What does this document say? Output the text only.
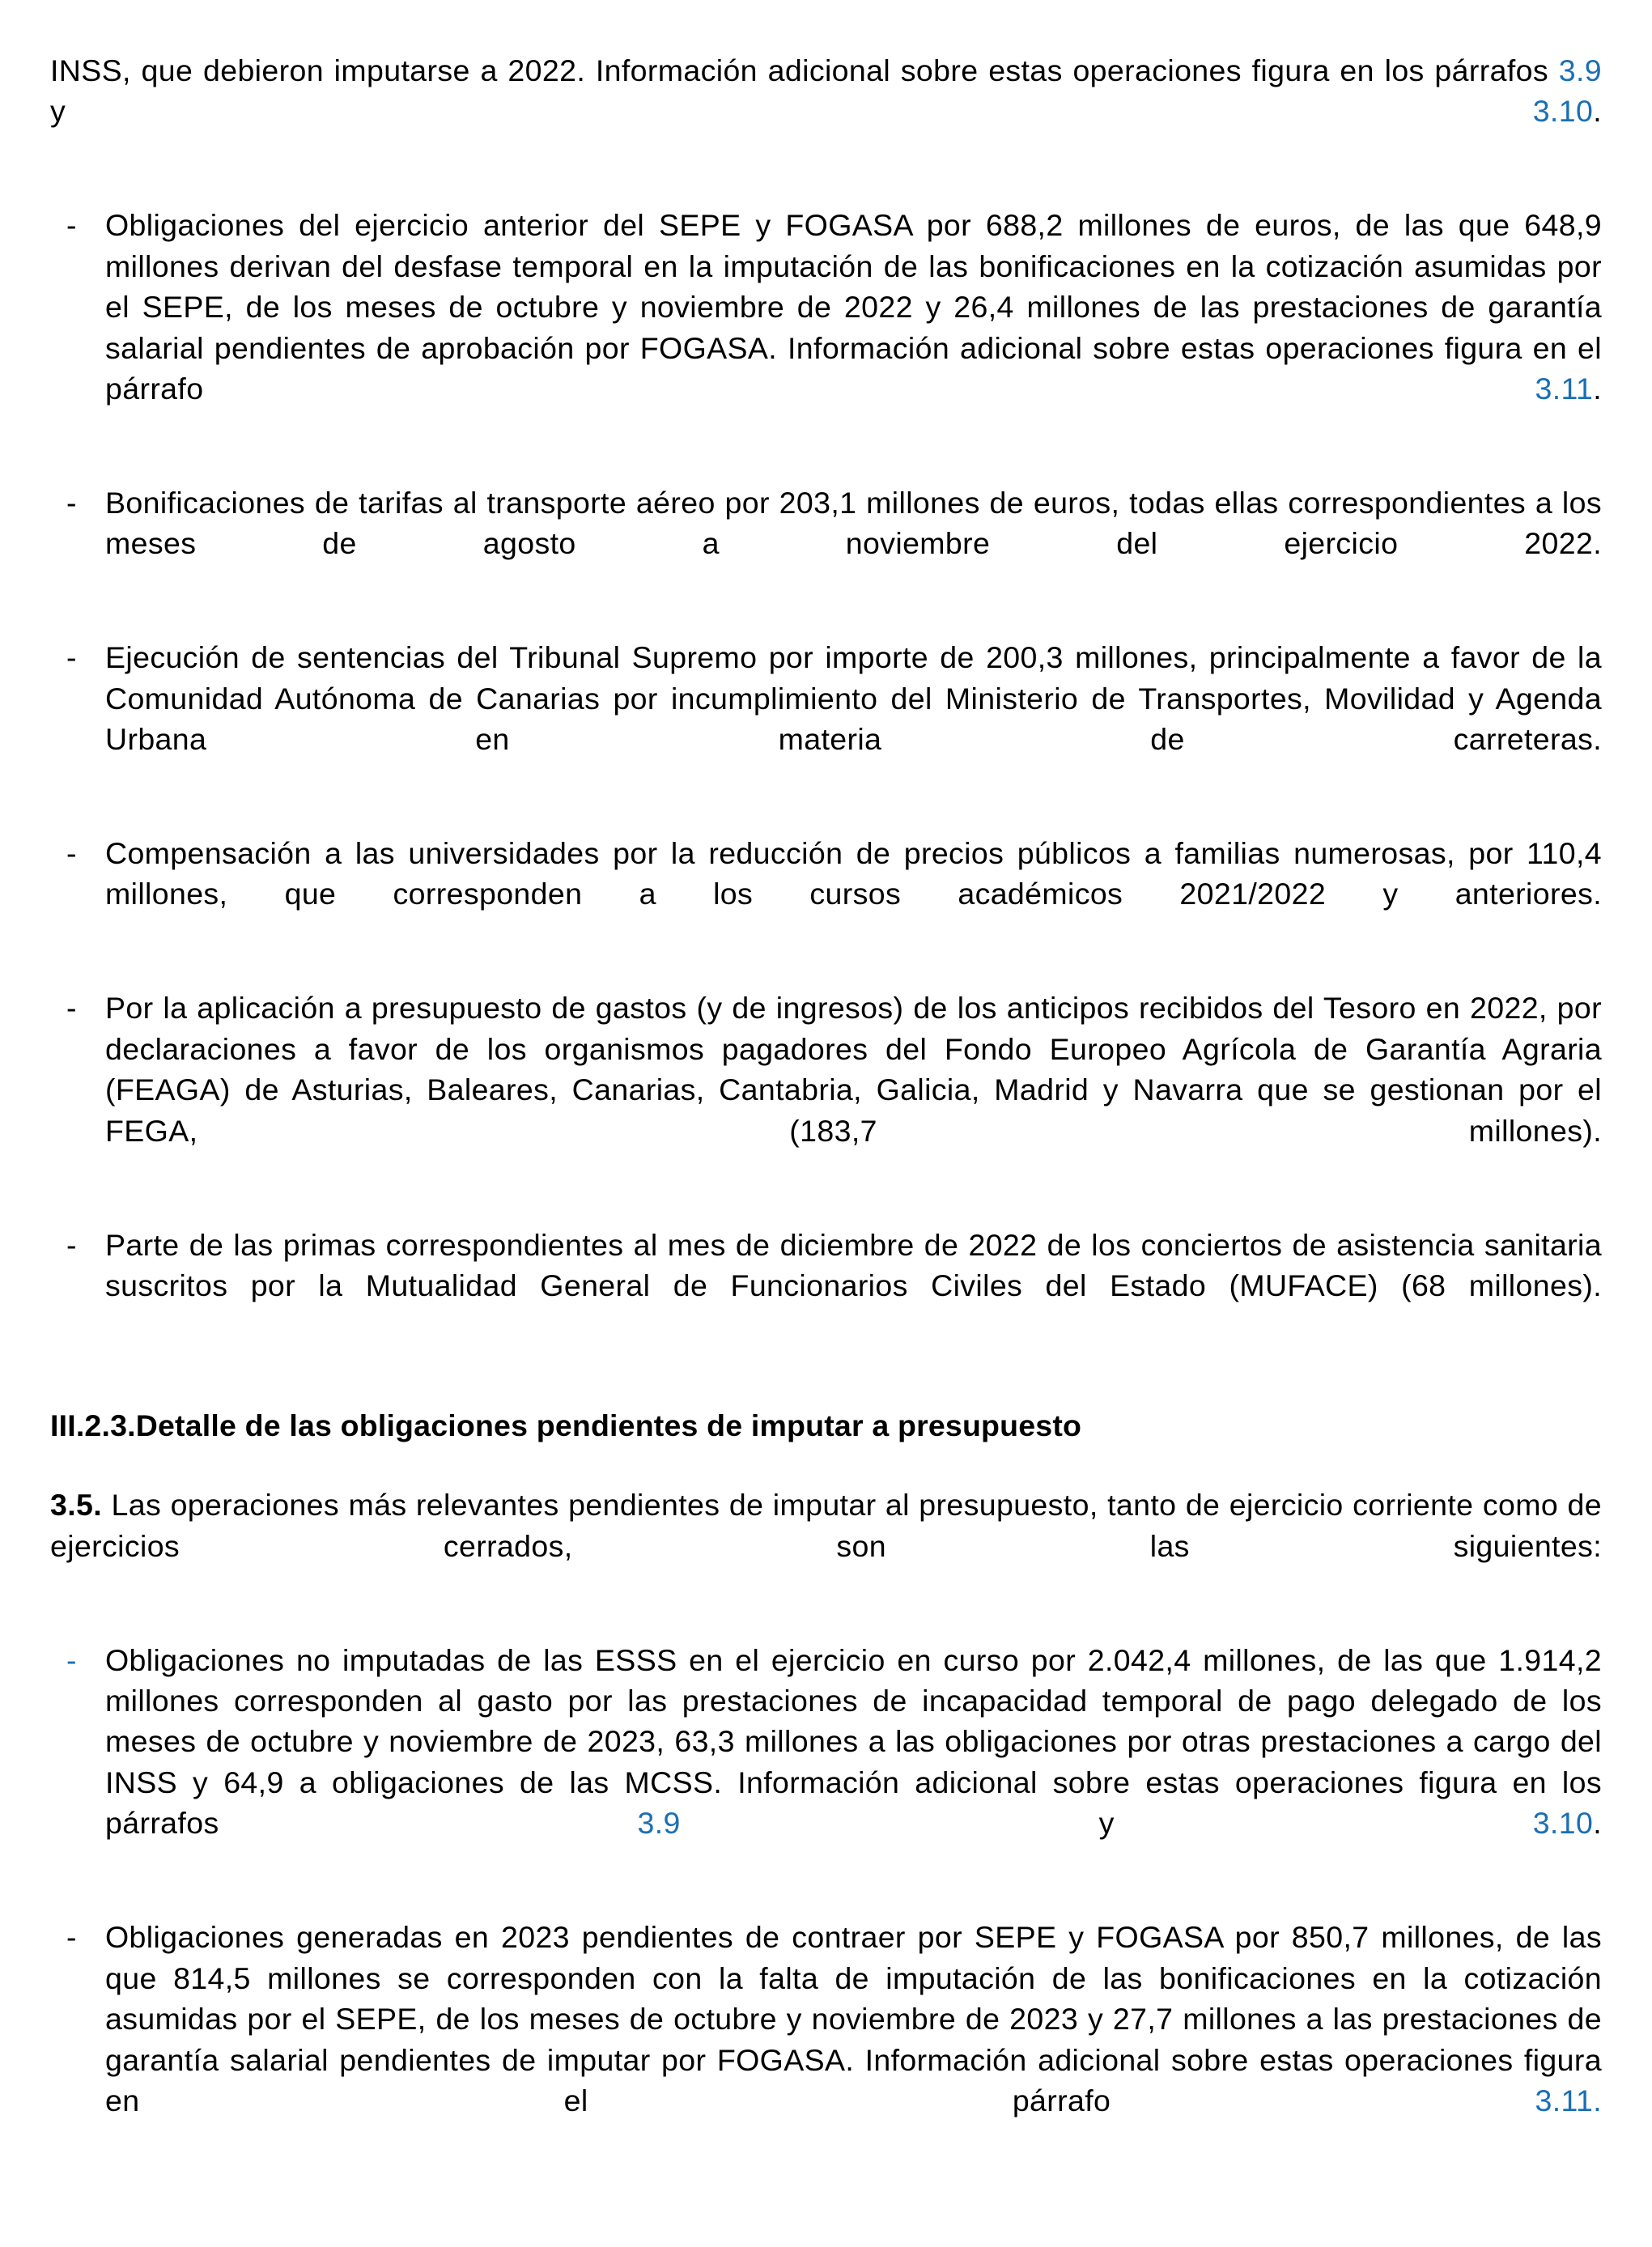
INSS, que debieron imputarse a 2022. Información adicional sobre estas operaciones figura en los párrafos 3.9 y 3.10.

- Obligaciones del ejercicio anterior del SEPE y FOGASA por 688,2 millones de euros, de las que 648,9 millones derivan del desfase temporal en la imputación de las bonificaciones en la cotización asumidas por el SEPE, de los meses de octubre y noviembre de 2022 y 26,4 millones de las prestaciones de garantía salarial pendientes de aprobación por FOGASA. Información adicional sobre estas operaciones figura en el párrafo 3.11.
- Bonificaciones de tarifas al transporte aéreo por 203,1 millones de euros, todas ellas correspondientes a los meses de agosto a noviembre del ejercicio 2022.
- Ejecución de sentencias del Tribunal Supremo por importe de 200,3 millones, principalmente a favor de la Comunidad Autónoma de Canarias por incumplimiento del Ministerio de Transportes, Movilidad y Agenda Urbana en materia de carreteras.
- Compensación a las universidades por la reducción de precios públicos a familias numerosas, por 110,4 millones, que corresponden a los cursos académicos 2021/2022 y anteriores.
- Por la aplicación a presupuesto de gastos (y de ingresos) de los anticipos recibidos del Tesoro en 2022, por declaraciones a favor de los organismos pagadores del Fondo Europeo Agrícola de Garantía Agraria (FEAGA) de Asturias, Baleares, Canarias, Cantabria, Galicia, Madrid y Navarra que se gestionan por el FEGA, (183,7 millones).
- Parte de las primas correspondientes al mes de diciembre de 2022 de los conciertos de asistencia sanitaria suscritos por la Mutualidad General de Funcionarios Civiles del Estado (MUFACE) (68 millones).
III.2.3.Detalle de las obligaciones pendientes de imputar a presupuesto

3.5. Las operaciones más relevantes pendientes de imputar al presupuesto, tanto de ejercicio corriente como de ejercicios cerrados, son las siguientes:

- Obligaciones no imputadas de las ESSS en el ejercicio en curso por 2.042,4 millones, de las que 1.914,2 millones corresponden al gasto por las prestaciones de incapacidad temporal de pago delegado de los meses de octubre y noviembre de 2023, 63,3 millones a las obligaciones por otras prestaciones a cargo del INSS y 64,9 a obligaciones de las MCSS. Información adicional sobre estas operaciones figura en los párrafos 3.9 y 3.10.
- Obligaciones generadas en 2023 pendientes de contraer por SEPE y FOGASA por 850,7 millones, de las que 814,5 millones se corresponden con la falta de imputación de las bonificaciones en la cotización asumidas por el SEPE, de los meses de octubre y noviembre de 2023 y 27,7 millones a las prestaciones de garantía salarial pendientes de imputar por FOGASA. Información adicional sobre estas operaciones figura en el párrafo 3.11.
